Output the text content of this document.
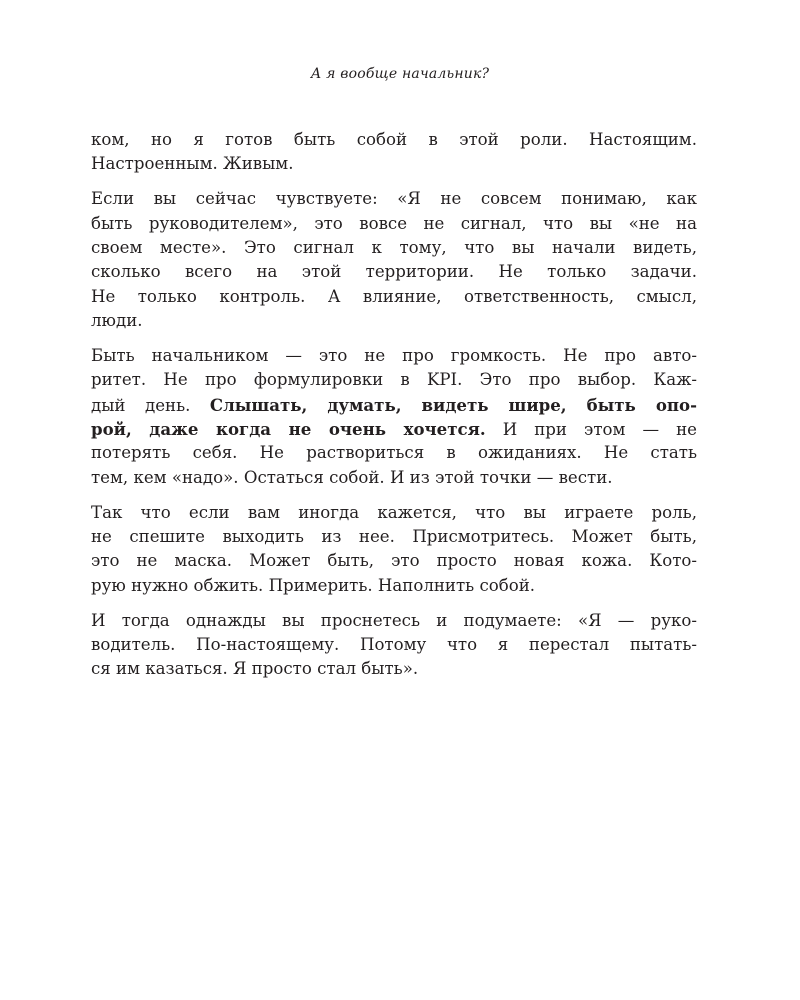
А я вообще начальник?
ком, но я готов быть собой в этой роли. Настоящим.
Настроенным. Живым.
Если вы сейчас чувствуете: «Я не совсем понимаю, как
быть руководителем», это вовсе не сигнал, что вы «не на
своем месте». Это сигнал к тому, что вы начали видеть,
сколько всего на этой территории. Не только задачи.
Не только контроль. А влияние, ответственность, смысл,
люди.
Быть начальником — это не про громкость. Не про авто-
ритет. Не про формулировки в KPI. Это про выбор. Каж-
дый день. Слышать, думать, видеть шире, быть опо-
рой, даже когда не очень хочется. И при этом — не
потерять себя. Не раствориться в ожиданиях. Не стать
тем, кем «надо». Остаться собой. И из этой точки — вести.
Так что если вам иногда кажется, что вы играете роль,
не спешите выходить из нее. Присмотритесь. Может быть,
это не маска. Может быть, это просто новая кожа. Кото-
рую нужно обжить. Примерить. Наполнить собой.
И тогда однажды вы проснетесь и подумаете: «Я — руко-
водитель. По-настоящему. Потому что я перестал пытать-
ся им казаться. Я просто стал быть».
